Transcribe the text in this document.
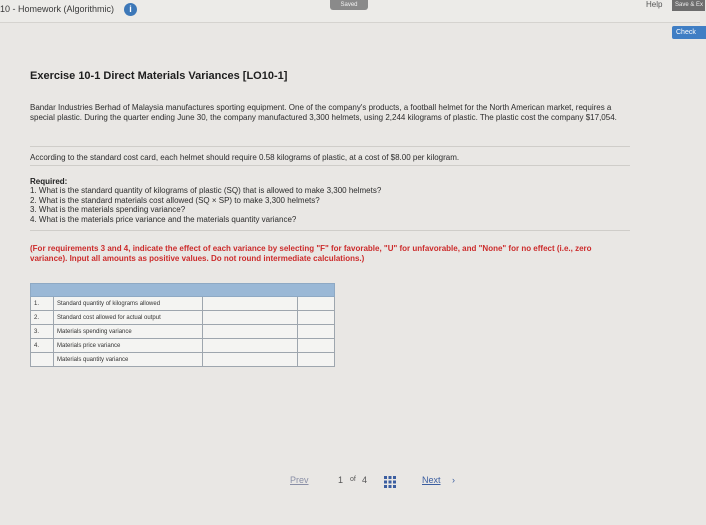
10 - Homework (Algorithmic)	i	Saved	Help	Save & Ex
Check
Exercise 10-1 Direct Materials Variances [LO10-1]

Bandar Industries Berhad of Malaysia manufactures sporting equipment. One of the company's products, a football helmet for the North American market, requires a special plastic. During the quarter ending June 30, the company manufactured 3,300 helmets, using 2,244 kilograms of plastic. The plastic cost the company $17,054.

According to the standard cost card, each helmet should require 0.58 kilograms of plastic, at a cost of $8.00 per kilogram.

Required:
1. What is the standard quantity of kilograms of plastic (SQ) that is allowed to make 3,300 helmets?
2. What is the standard materials cost allowed (SQ × SP) to make 3,300 helmets?
3. What is the materials spending variance?
4. What is the materials price variance and the materials quantity variance?
(For requirements 3 and 4, indicate the effect of each variance by selecting "F" for favorable, "U" for unfavorable, and "None" for no effect (i.e., zero variance). Input all amounts as positive values. Do not round intermediate calculations.)

1.	Standard quantity of kilograms allowed		
2.	Standard cost allowed for actual output		
3.	Materials spending variance		
4.	Materials price variance		
	Materials quantity variance		
Prev	1 of 4	Next ›
